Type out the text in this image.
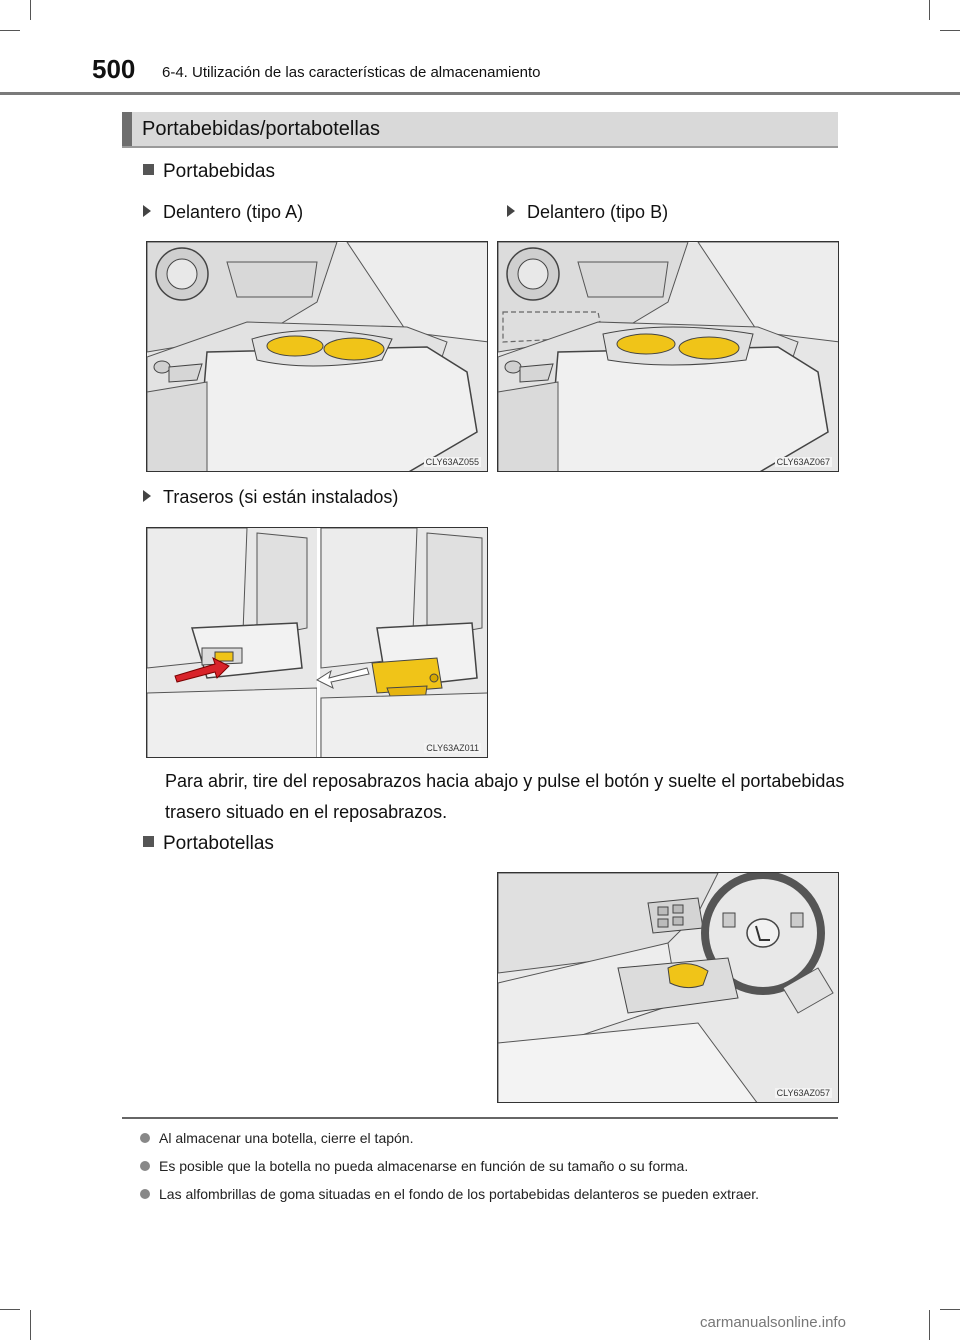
500 6-4. Utilización de las características de almacenamiento
Portabebidas/portabotellas
Portabebidas
Delantero (tipo A)	Delantero (tipo B)
CLY63AZ055	CLY63AZ067
Traseros (si están instalados)
CLY63AZ011
Para abrir, tire del reposabrazos hacia abajo y pulse el botón y suelte el portabebidas trasero situado en el reposabrazos.
Portabotellas
CLY63AZ057
Al almacenar una botella, cierre el tapón.
Es posible que la botella no pueda almacenarse en función de su tamaño o su forma.
Las alfombrillas de goma situadas en el fondo de los portabebidas delanteros se pueden extraer.
carmanualsonline.info
